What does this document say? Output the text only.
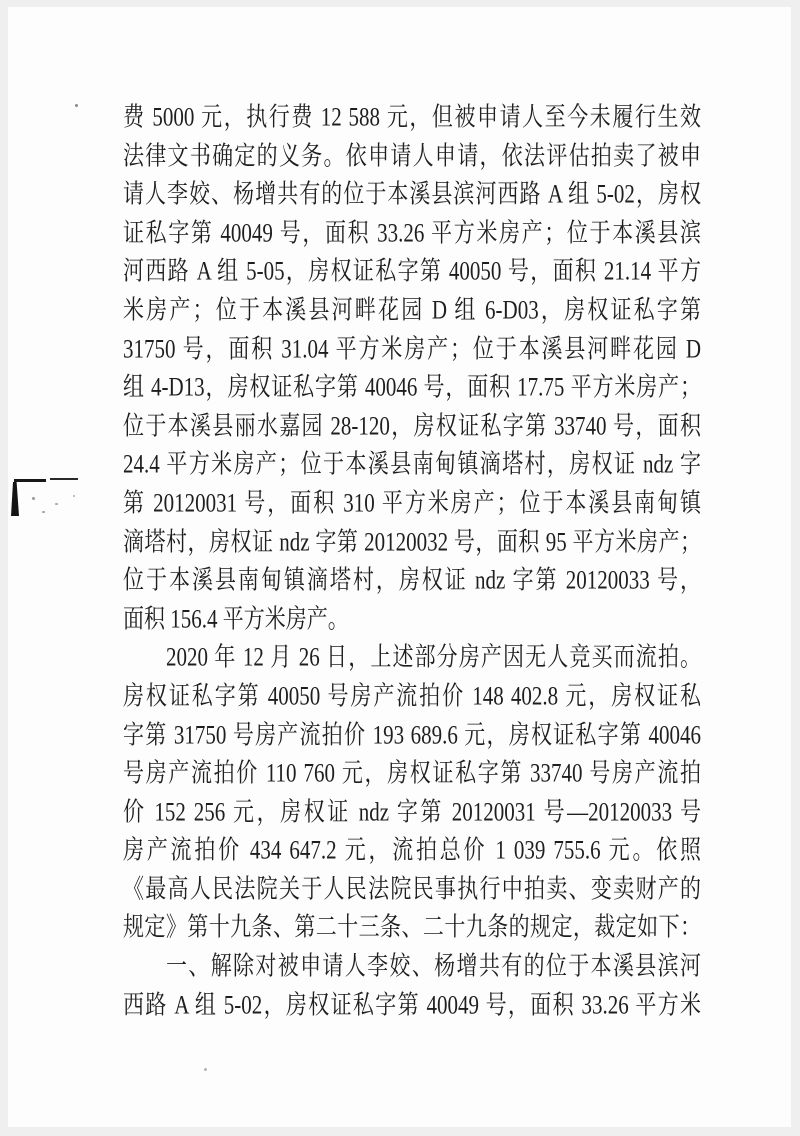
费 5000 元，执行费 12 588 元，但被申请人至今未履行生效
法律文书确定的义务。依申请人申请，依法评估拍卖了被申
请人李姣、杨增共有的位于本溪县滨河西路 A 组 5-02，房权
证私字第 40049 号，面积 33.26 平方米房产；位于本溪县滨
河西路 A 组 5-05，房权证私字第 40050 号，面积 21.14 平方
米房产；位于本溪县河畔花园 D 组 6-D03，房权证私字第
31750 号，面积 31.04 平方米房产；位于本溪县河畔花园 D
组 4-D13，房权证私字第 40046 号，面积 17.75 平方米房产；
位于本溪县丽水嘉园 28-120，房权证私字第 33740 号，面积
24.4 平方米房产；位于本溪县南甸镇滴塔村，房权证 ndz 字
第 20120031 号，面积 310 平方米房产；位于本溪县南甸镇
滴塔村，房权证 ndz 字第 20120032 号，面积 95 平方米房产；
位于本溪县南甸镇滴塔村，房权证 ndz 字第 20120033 号，
面积 156.4 平方米房产。
2020 年 12 月 26 日，上述部分房产因无人竞买而流拍。
房权证私字第 40050 号房产流拍价 148 402.8 元，房权证私
字第 31750 号房产流拍价 193 689.6 元，房权证私字第 40046
号房产流拍价 110 760 元，房权证私字第 33740 号房产流拍
价 152 256 元，房权证 ndz 字第 20120031 号—20120033 号
房产流拍价 434 647.2 元，流拍总价 1 039 755.6 元。依照
《最高人民法院关于人民法院民事执行中拍卖、变卖财产的
规定》第十九条、第二十三条、二十九条的规定，裁定如下：
一、解除对被申请人李姣、杨增共有的位于本溪县滨河
西路 A 组 5-02，房权证私字第 40049 号，面积 33.26 平方米
